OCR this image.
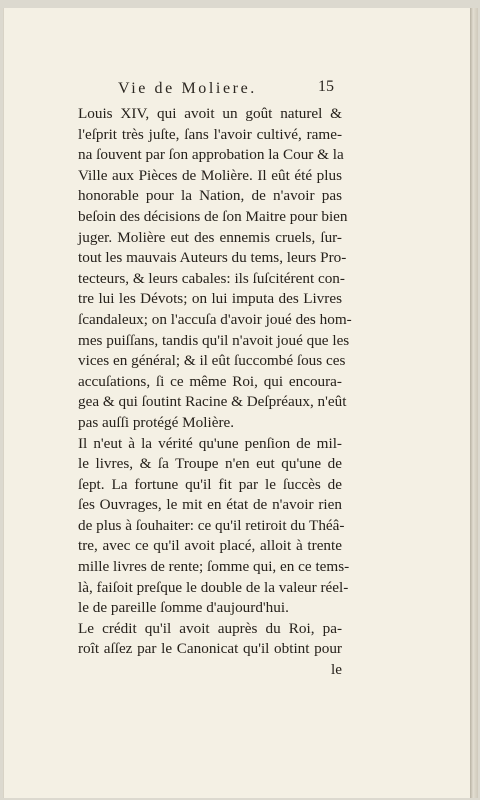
Vie de Moliere.	15
Louis XIV, qui avoit un goût naturel &
l'eſprit très juſte, ſans l'avoir cultivé, rame-
na ſouvent par ſon approbation la Cour & la
Ville aux Pièces de Molière. Il eût été plus
honorable pour la Nation, de n'avoir pas
beſoin des décisions de ſon Maitre pour bien
juger. Molière eut des ennemis cruels, ſur-
tout les mauvais Auteurs du tems, leurs Pro-
tecteurs, & leurs cabales: ils ſuſcitérent con-
tre lui les Dévots; on lui imputa des Livres
ſcandaleux; on l'accuſa d'avoir joué des hom-
mes puiſſans, tandis qu'il n'avoit joué que les
vices en général; & il eût ſuccombé ſous ces
accuſations, ſi ce même Roi, qui encoura-
gea & qui ſoutint Racine & Deſpréaux, n'eût
pas auſſi protégé Molière.
Il n'eut à la vérité qu'une penſion de mil-
le livres, & ſa Troupe n'en eut qu'une de
ſept. La fortune qu'il fit par le ſuccès de
ſes Ouvrages, le mit en état de n'avoir rien
de plus à ſouhaiter: ce qu'il retiroit du Théâ-
tre, avec ce qu'il avoit placé, alloit à trente
mille livres de rente; ſomme qui, en ce tems-
là, faiſoit preſque le double de la valeur réel-
le de pareille ſomme d'aujourd'hui.
Le crédit qu'il avoit auprès du Roi, pa-
roît aſſez par le Canonicat qu'il obtint pour
le
